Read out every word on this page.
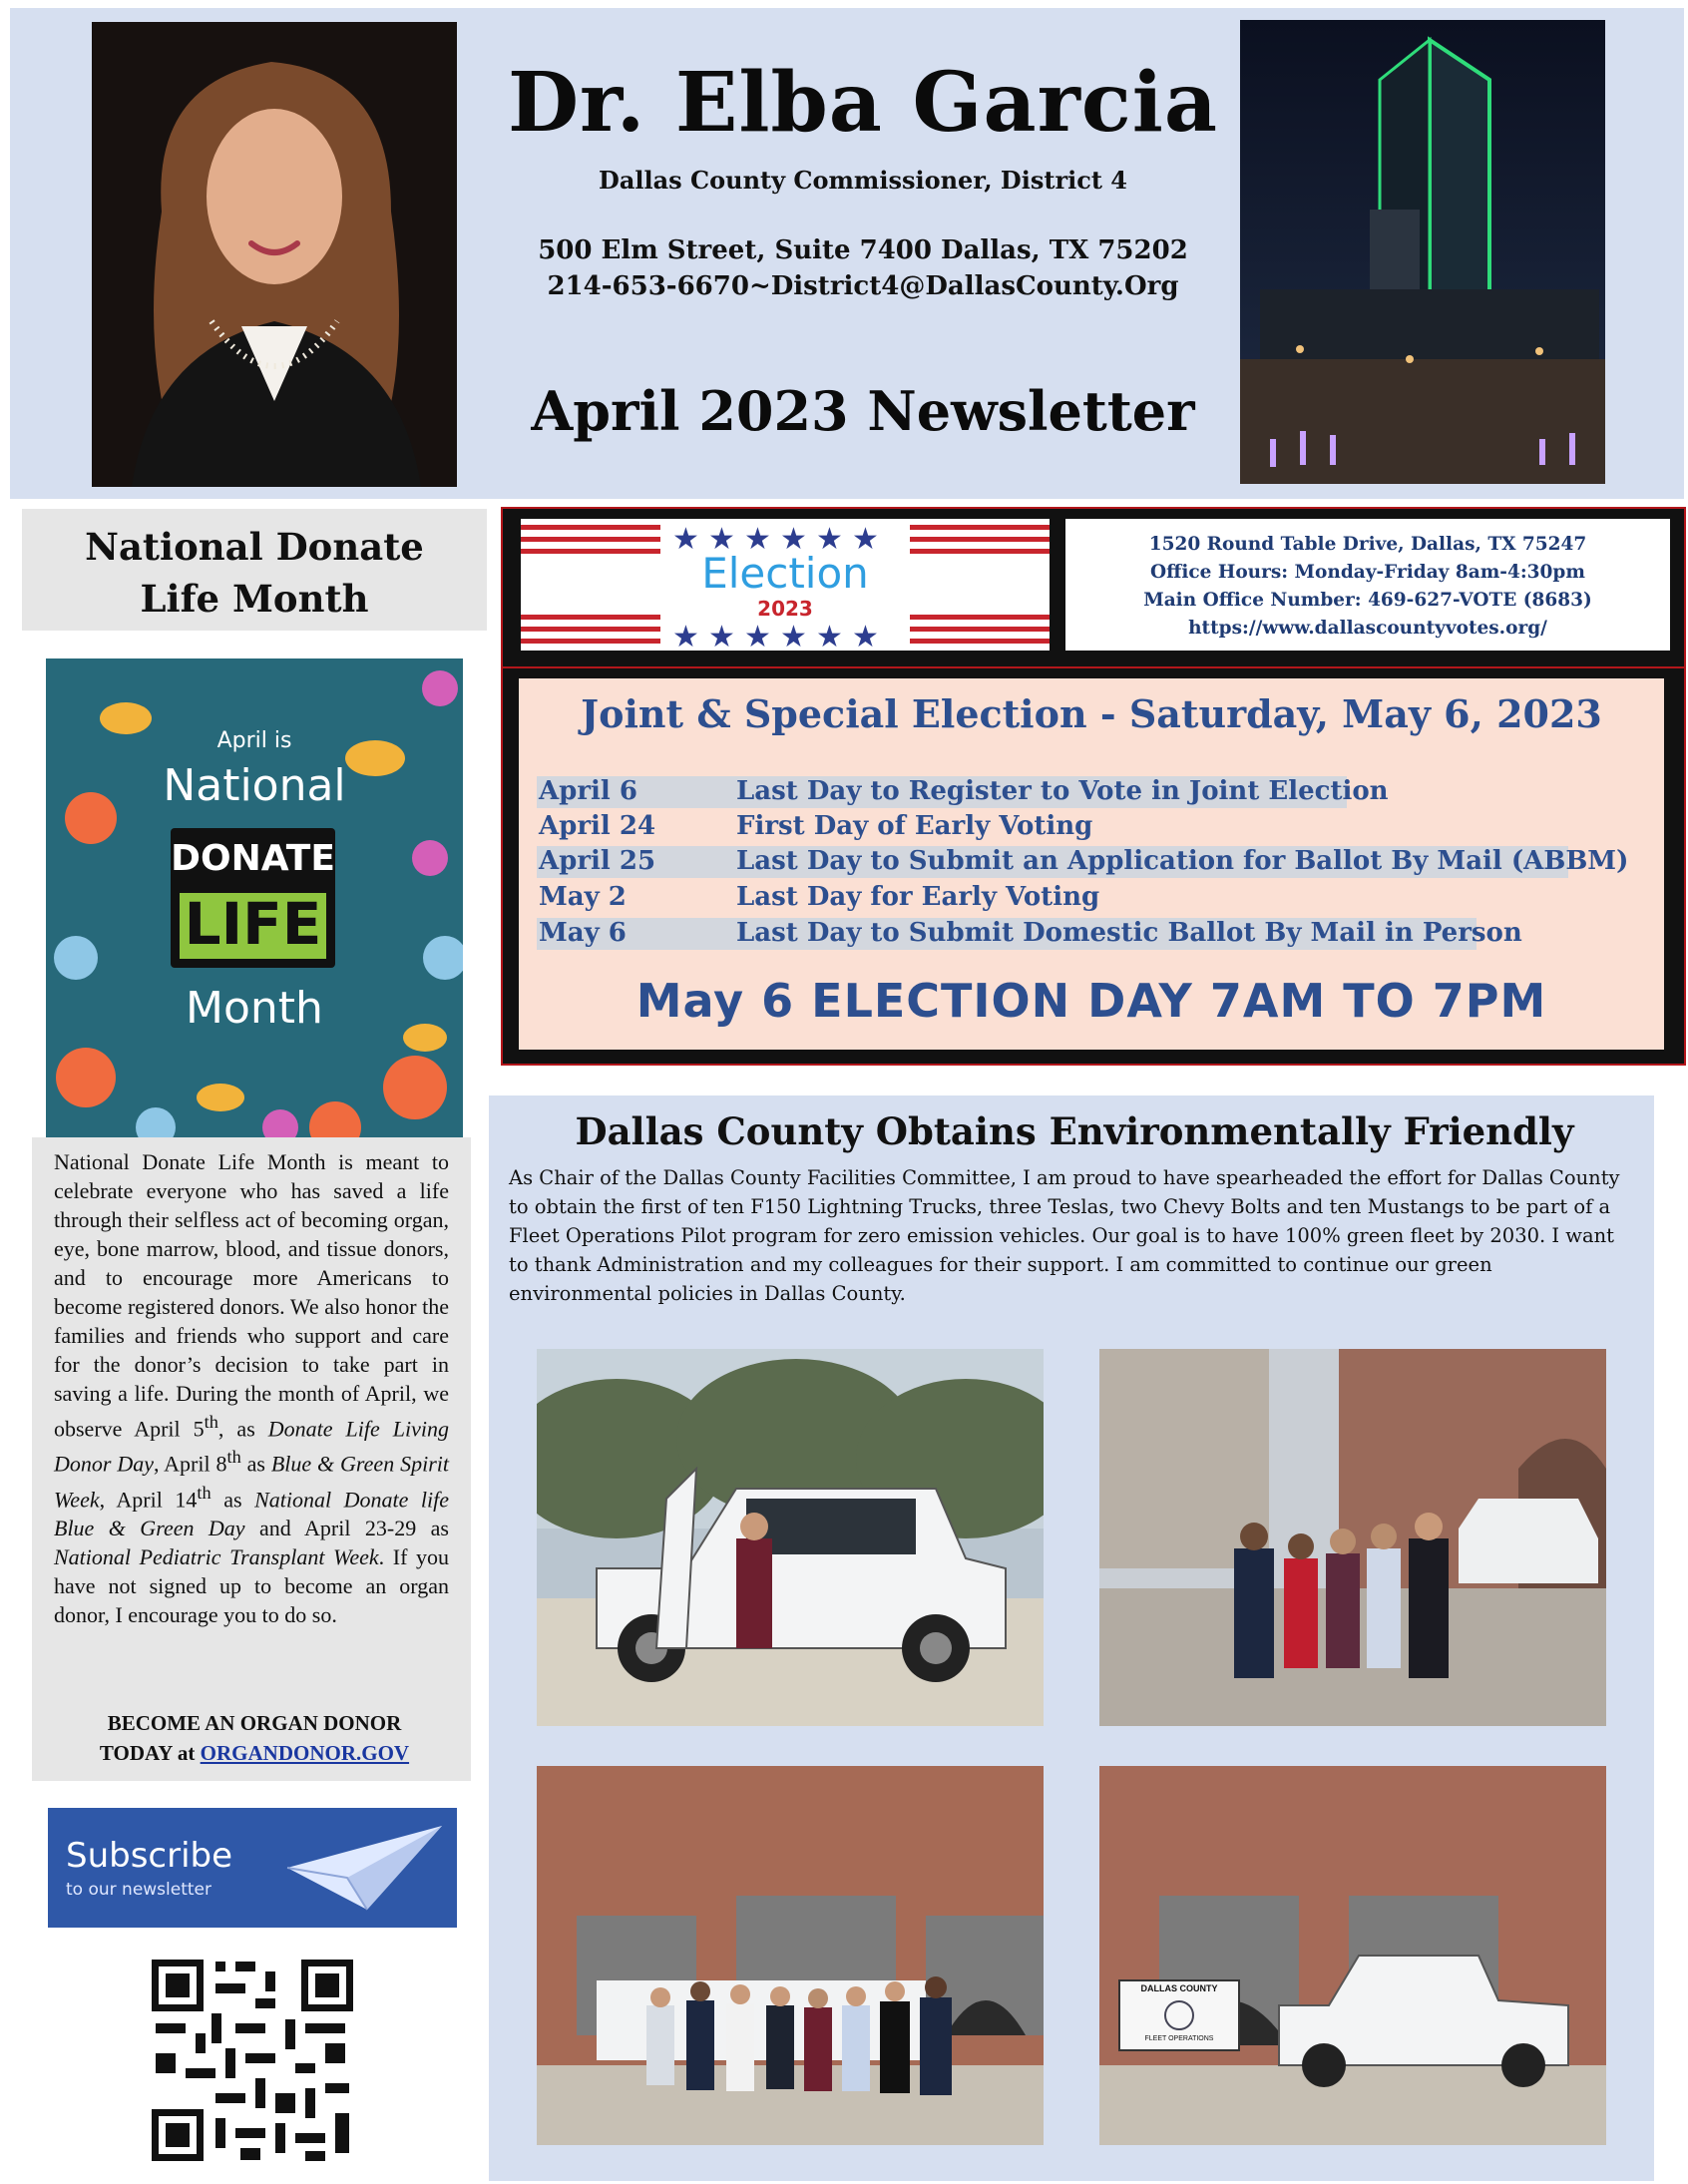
Dr. Elba Garcia
Dallas County Commissioner, District 4
500 Elm Street, Suite 7400 Dallas, TX 75202
214-653-6670~District4@DallasCounty.Org
April 2023 Newsletter
National Donate
Life Month
April is
National
DONATE
LIFE
Month
National Donate Life Month is meant to celebrate everyone who has saved a life through their selfless act of becoming organ, eye, bone marrow, blood, and tissue donors, and to encourage more Americans to become registered donors. We also honor the families and friends who support and care for the donor’s decision to take part in saving a life. During the month of April, we observe April 5th, as Donate Life Living Donor Day, April 8th as Blue & Green Spirit Week, April 14th as National Donate life Blue & Green Day and April 23-29 as National Pediatric Transplant Week. If you have not signed up to become an organ donor, I encourage you to do so.
BECOME AN ORGAN DONOR
TODAY at ORGANDONOR.GOV
Subscribe
to our newsletter
★ ★ ★ ★ ★ ★
★ ★ ★ ★ ★ ★
Election
2023
1520 Round Table Drive, Dallas, TX 75247
Office Hours: Monday-Friday 8am-4:30pm
Main Office Number: 469-627-VOTE (8683)
https://www.dallascountyvotes.org/
Joint & Special Election - Saturday, May 6, 2023
April 6	Last Day to Register to Vote in Joint Election
April 24	First Day of Early Voting
April 25	Last Day to Submit an Application for Ballot By Mail (ABBM)
May 2	Last Day for Early Voting
May 6	Last Day to Submit Domestic Ballot By Mail in Person
May 6 ELECTION DAY 7AM TO 7PM
Dallas County Obtains Environmentally Friendly
As Chair of the Dallas County Facilities Committee, I am proud to have spearheaded the effort for Dallas County to obtain the first of ten F150 Lightning Trucks, three Teslas, two Chevy Bolts and ten Mustangs to be part of a Fleet Operations Pilot program for zero emission vehicles. Our goal is to have 100% green fleet by 2030. I want to thank Administration and my colleagues for their support. I am committed to continue our green environmental policies in Dallas County.
DALLAS COUNTY
FLEET OPERATIONS
